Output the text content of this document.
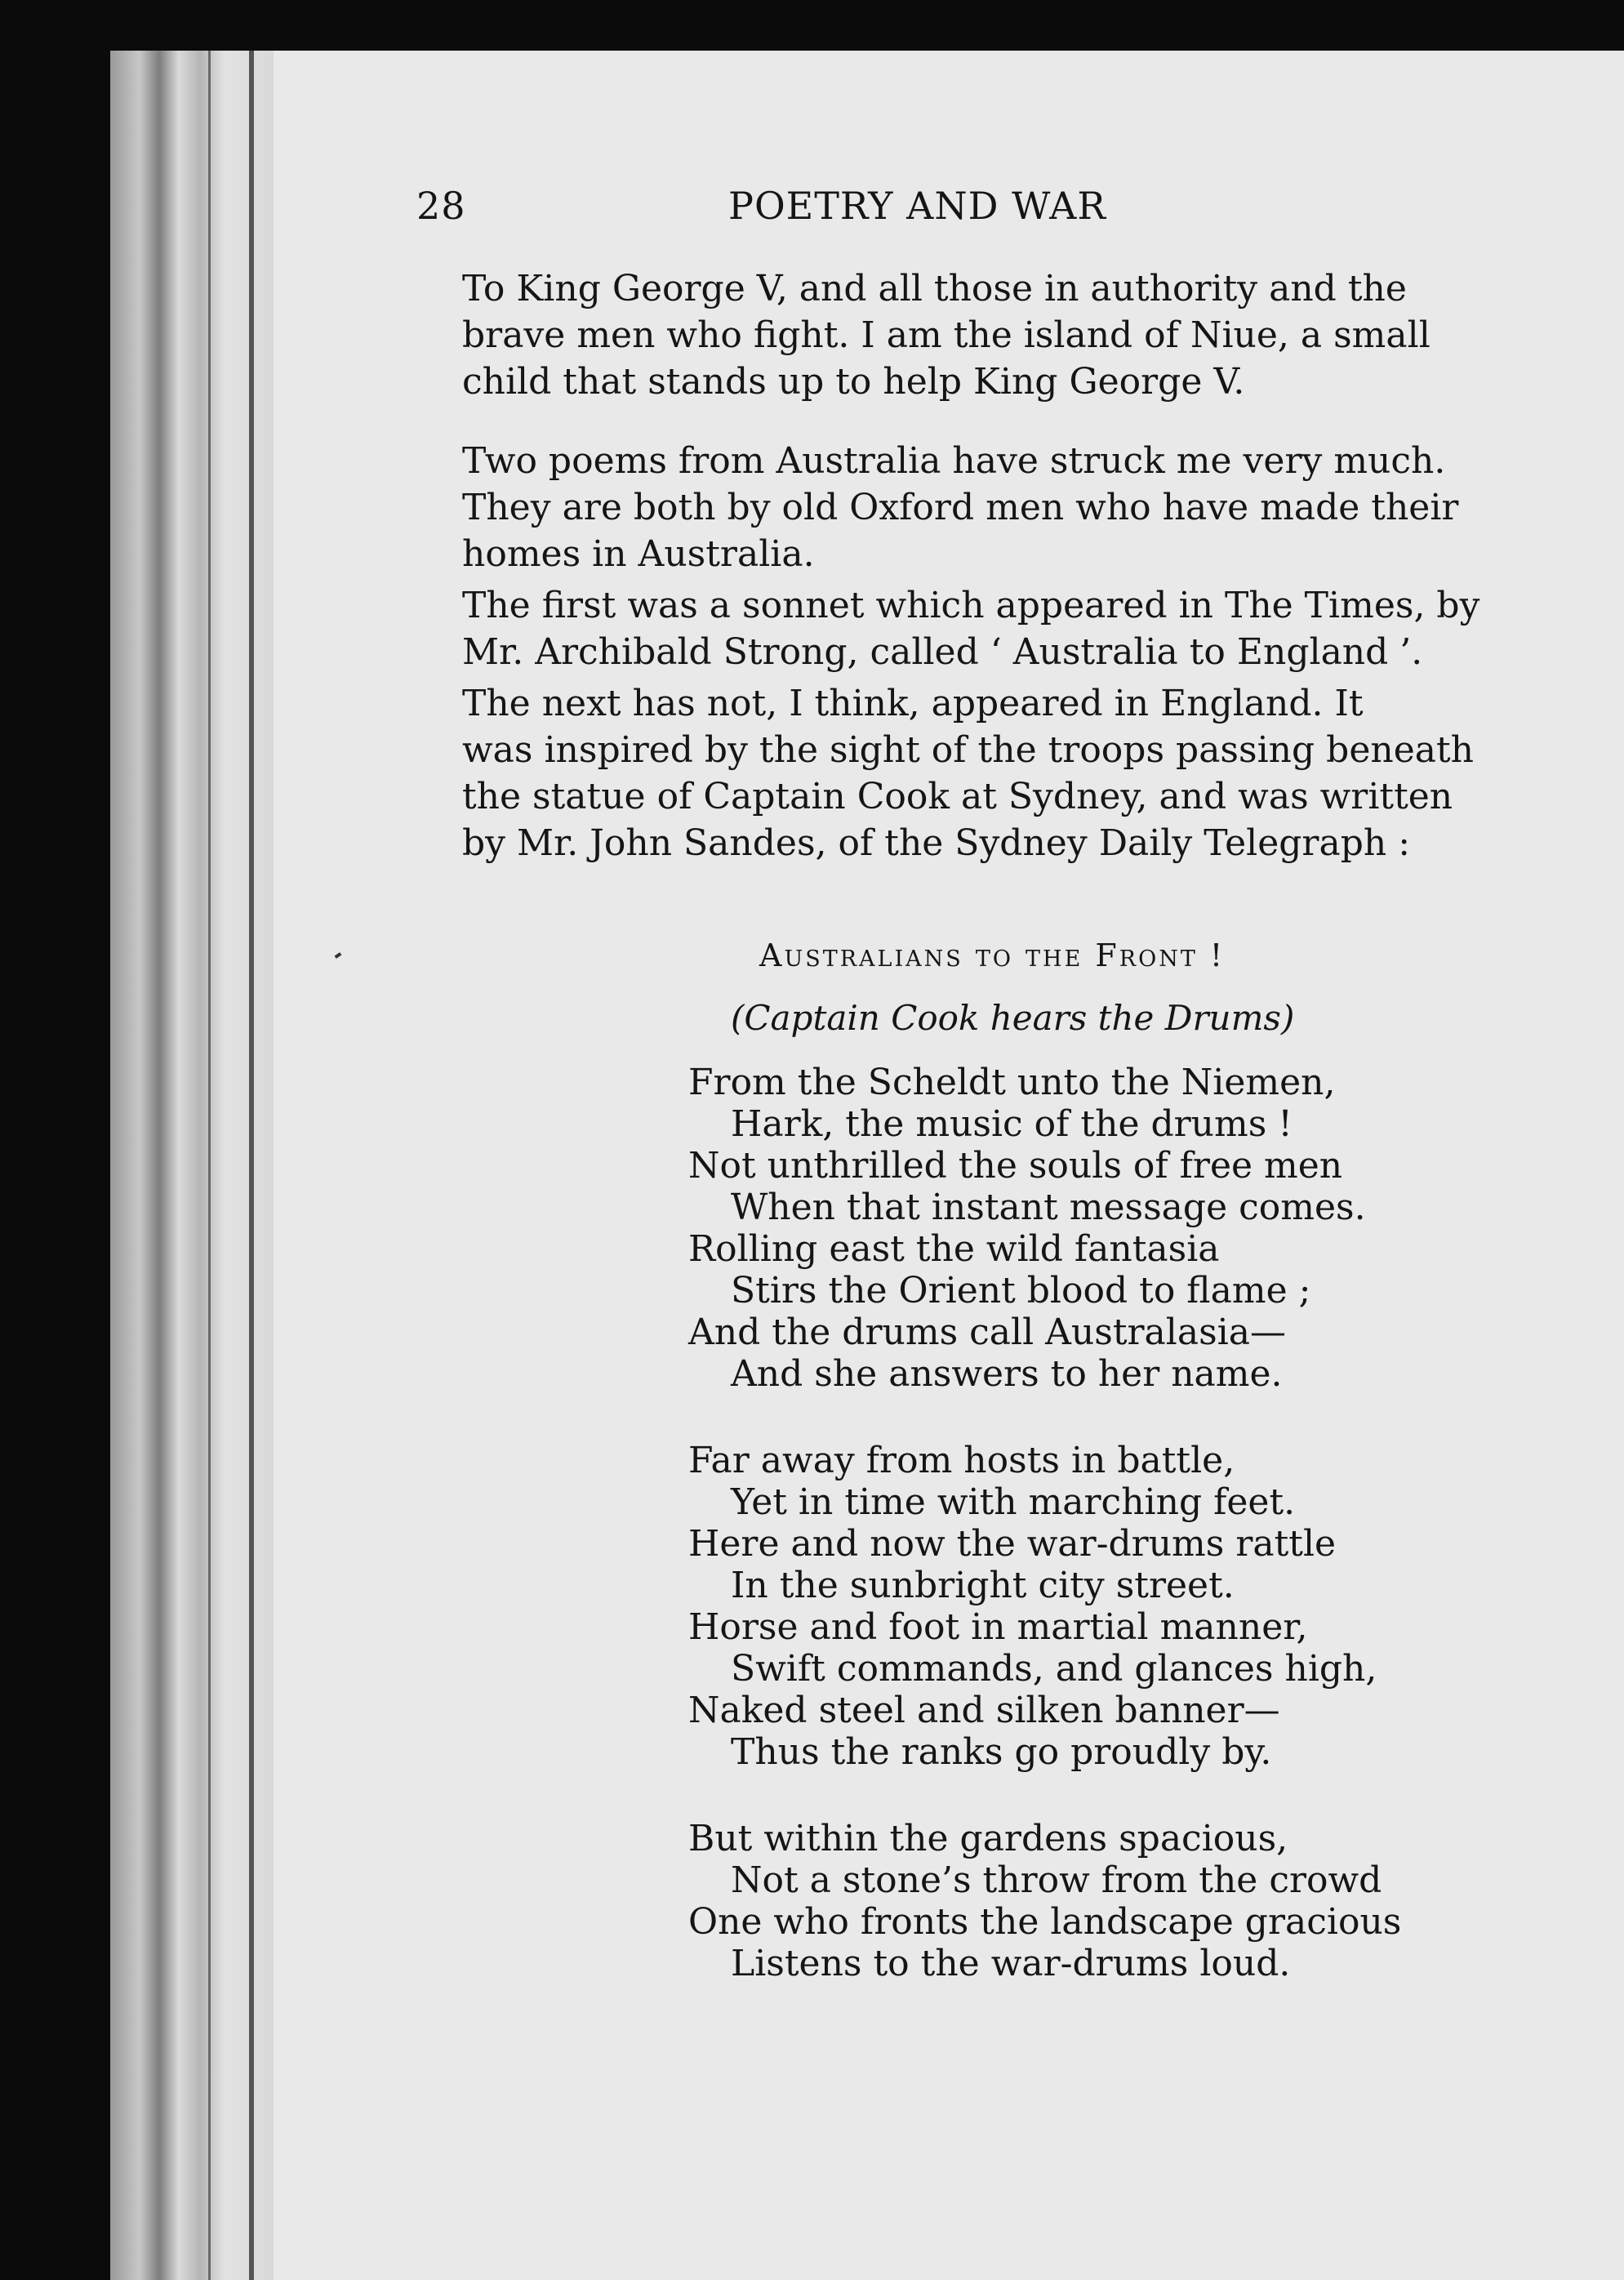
28	POETRY AND WAR

To King George V, and all those in authority and the
brave men who fight. I am the island of Niue, a small
child that stands up to help King George V.

Two poems from Australia have struck me very much.
They are both by old Oxford men who have made their
homes in Australia.

The first was a sonnet which appeared in The Times, by
Mr. Archibald Strong, called ‘ Australia to England ’.

The next has not, I think, appeared in England. It
was inspired by the sight of the troops passing beneath
the statue of Captain Cook at Sydney, and was written
by Mr. John Sandes, of the Sydney Daily Telegraph :

Australians to the Front !
(Captain Cook hears the Drums)
From the Scheldt unto the Niemen,
Hark, the music of the drums !
Not unthrilled the souls of free men
When that instant message comes.
Rolling east the wild fantasia
Stirs the Orient blood to flame ;
And the drums call Australasia—
And she answers to her name.
Far away from hosts in battle,
Yet in time with marching feet.
Here and now the war-drums rattle
In the sunbright city street.
Horse and foot in martial manner,
Swift commands, and glances high,
Naked steel and silken banner—
Thus the ranks go proudly by.
But within the gardens spacious,
Not a stone’s throw from the crowd
One who fronts the landscape gracious
Listens to the war-drums loud.
